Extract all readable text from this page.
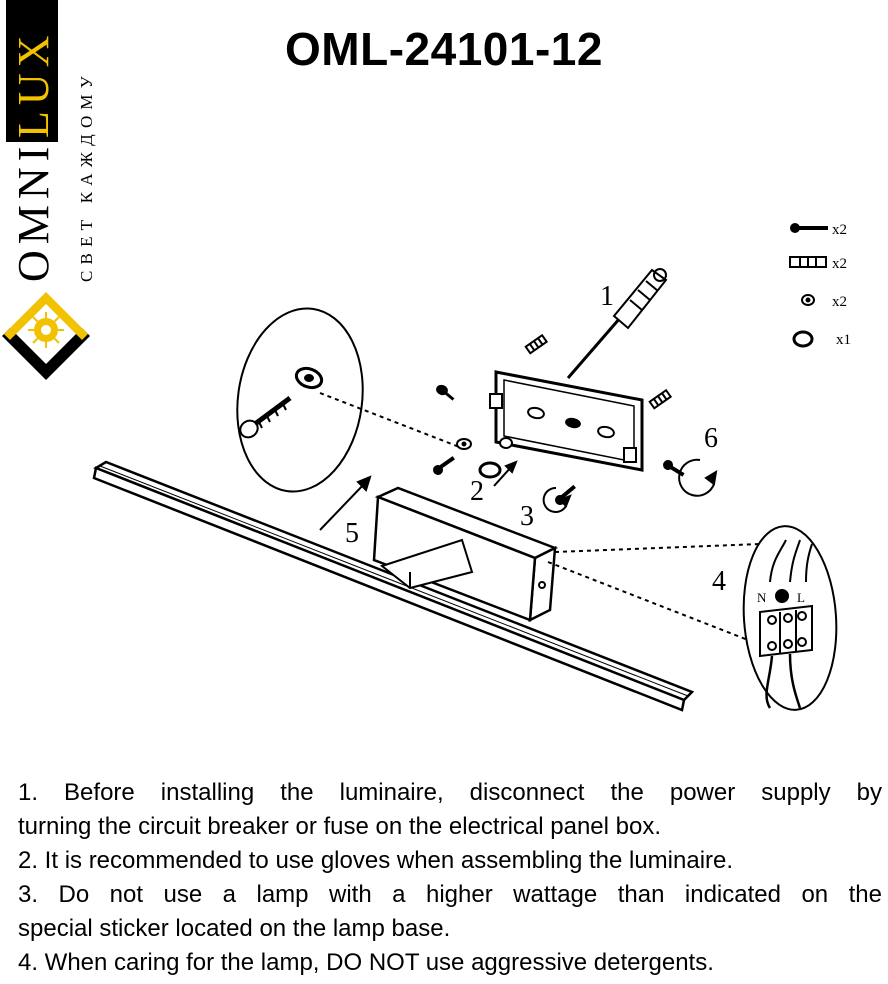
OMNI
LUX СВЕТ КАЖДОМУ
OML-24101-12
x2
x2
x2
x1
1
2
3
4
5
6
N L
1. Before installing the luminaire, disconnect the power supply by
turning the circuit breaker or fuse on the electrical panel box.
2. It is recommended to use gloves when assembling the luminaire.
3. Do not use a lamp with a higher wattage than indicated on the
special sticker located on the lamp base.
4. When caring for the lamp, DO NOT use aggressive detergents.
